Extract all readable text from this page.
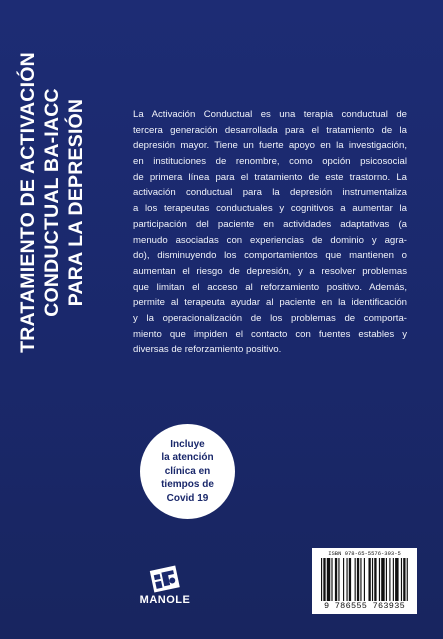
TRATAMIENTO DE ACTIVACIÓN CONDUCTUAL BA-IACC PARA LA DEPRESIÓN	La Activación Conductual es una terapia conductual de
tercera generación desarrollada para el tratamiento de la
depresión mayor. Tiene un fuerte apoyo en la investigación,
en instituciones de renombre, como opción psicosocial
de primera línea para el tratamiento de este trastorno. La
activación conductual para la depresión instrumentaliza
a los terapeutas conductuales y cognitivos a aumentar la
participación del paciente en actividades adaptativas (a
menudo asociadas con experiencias de dominio y agra-
do), disminuyendo los comportamientos que mantienen o
aumentan el riesgo de depresión, y a resolver problemas
que limitan el acceso al reforzamiento positivo. Además,
permite al terapeuta ayudar al paciente en la identificación
y la operacionalización de los problemas de comporta-
miento que impiden el contacto con fuentes estables y
diversas de reforzamiento positivo.
Incluye
la atención
clínica en
tiempos de
Covid 19
MANOLE
ISBN 978-65-5576-393-5
9 786555 763935
